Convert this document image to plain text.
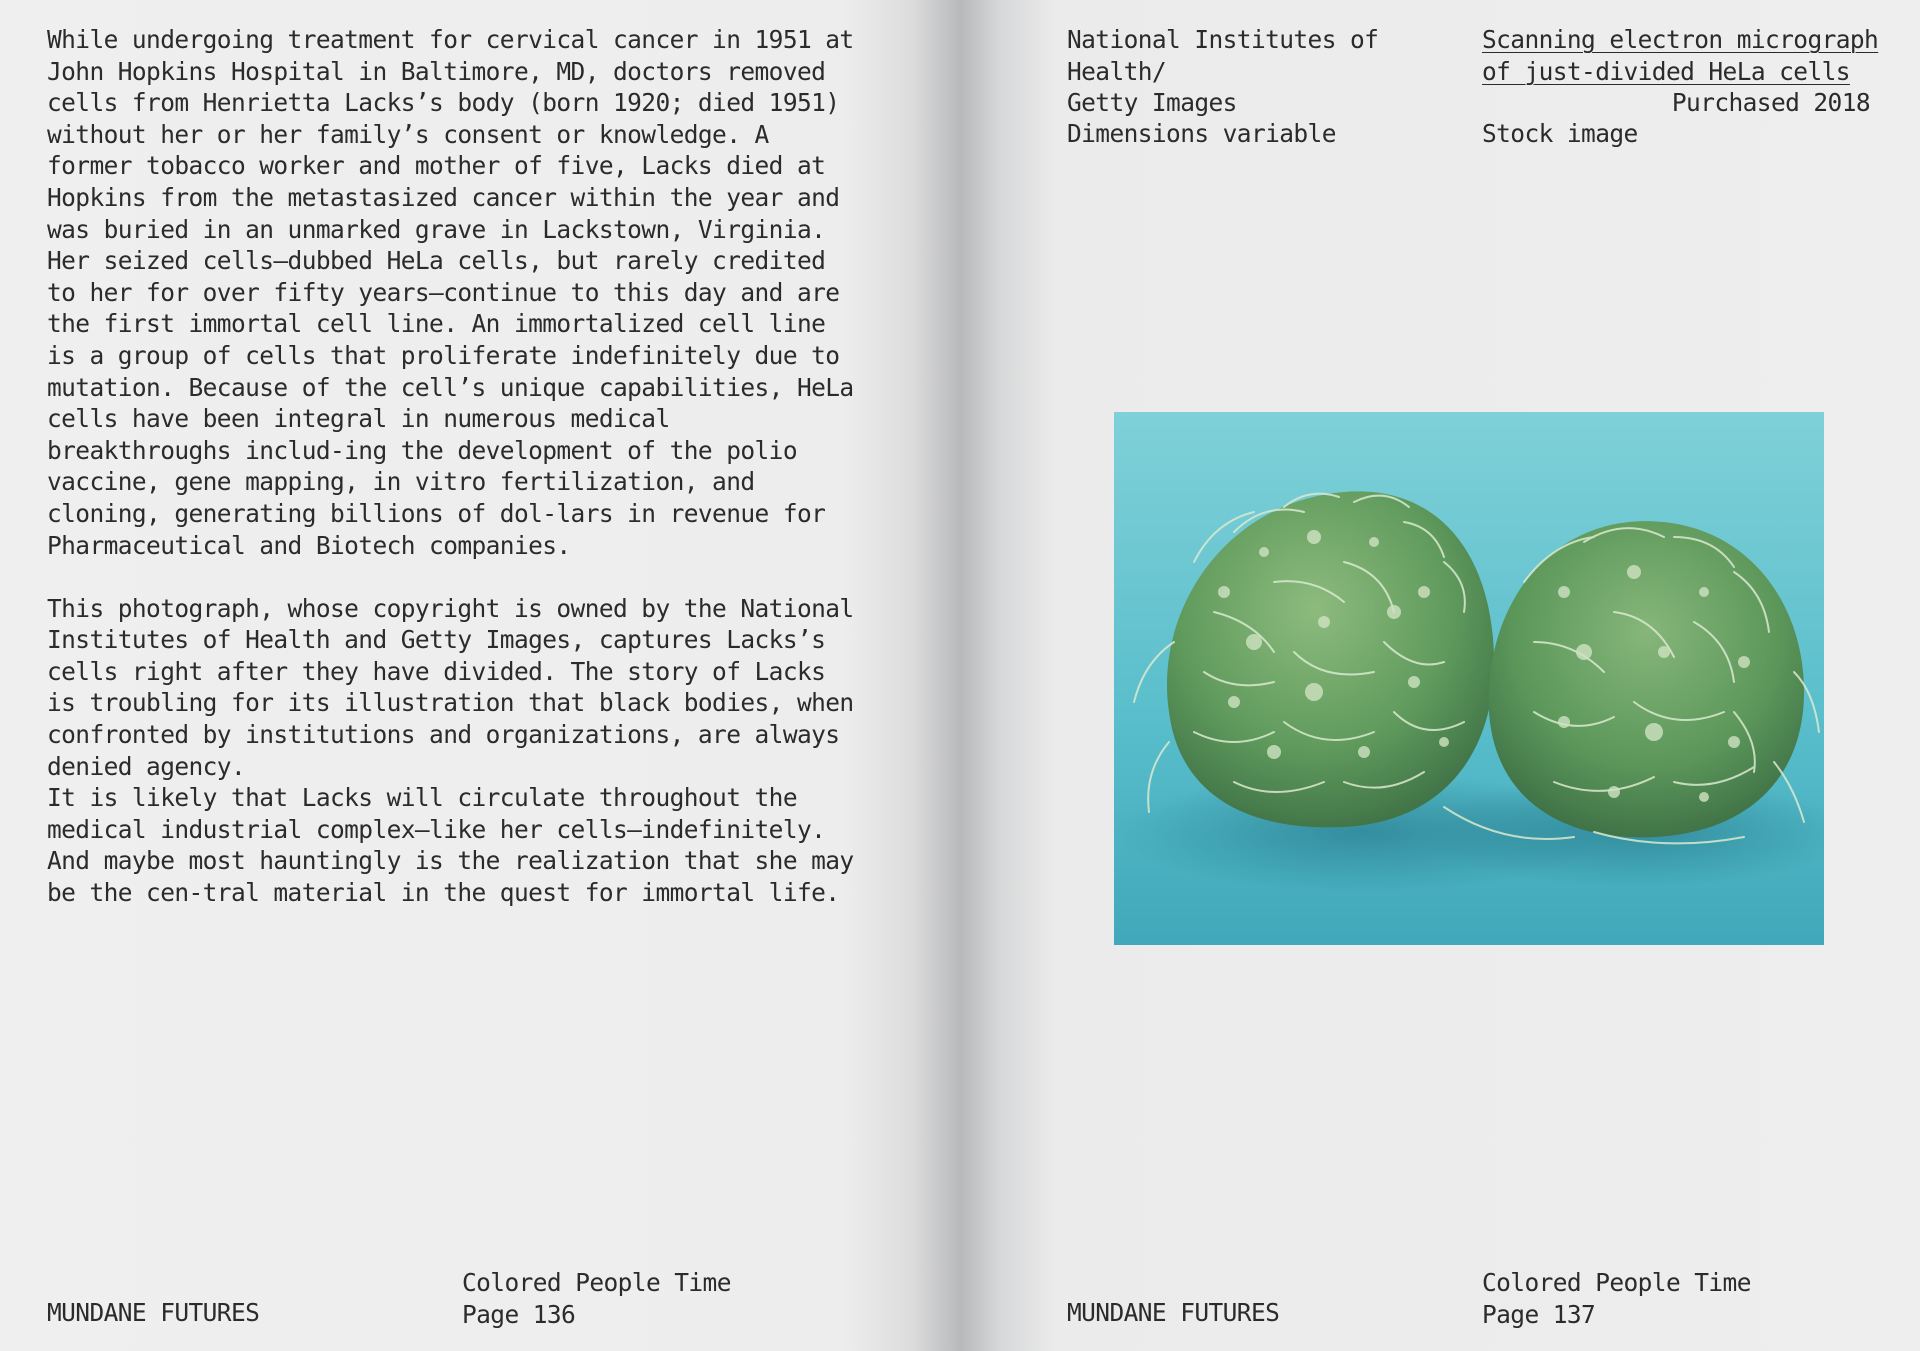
While undergoing treatment for cervical cancer in 1951 at John Hopkins Hospital in Baltimore, MD, doctors removed cells from Henrietta Lacks’s body (born 1920; died 1951) without her or her family’s consent or knowledge. A former tobacco worker and mother of five, Lacks died at Hopkins from the metastasized cancer within the year and was buried in an unmarked grave in Lackstown, Virginia. Her seized cells—dubbed HeLa cells, but rarely credited to her for over fifty years—continue to this day and are the first immortal cell line. An immortalized cell line is a group of cells that proliferate indefinitely due to mutation. Because of the cell’s unique capabilities, HeLa cells have been integral in numerous medical breakthroughs includ-ing the development of the polio vaccine, gene mapping, in vitro fertilization, and cloning, generating billions of dol-lars in revenue for Pharmaceutical and Biotech companies.

This photograph, whose copyright is owned by the National Institutes of Health and Getty Images, captures Lacks’s cells right after they have divided. The story of Lacks is troubling for its illustration that black bodies, when confronted by institutions and organizations, are always denied agency.
It is likely that Lacks will circulate throughout the medical industrial complex—like her cells—indefinitely. And maybe most hauntingly is the realization that she may be the cen-tral material in the quest for immortal life.
MUNDANE FUTURES
Colored People Time
Page 136
National Institutes of Health/
Getty Images
Dimensions variable
Scanning electron micrograph
of just-divided HeLa cells
Purchased 2018
Stock image
MUNDANE FUTURES
Colored People Time
Page 137
